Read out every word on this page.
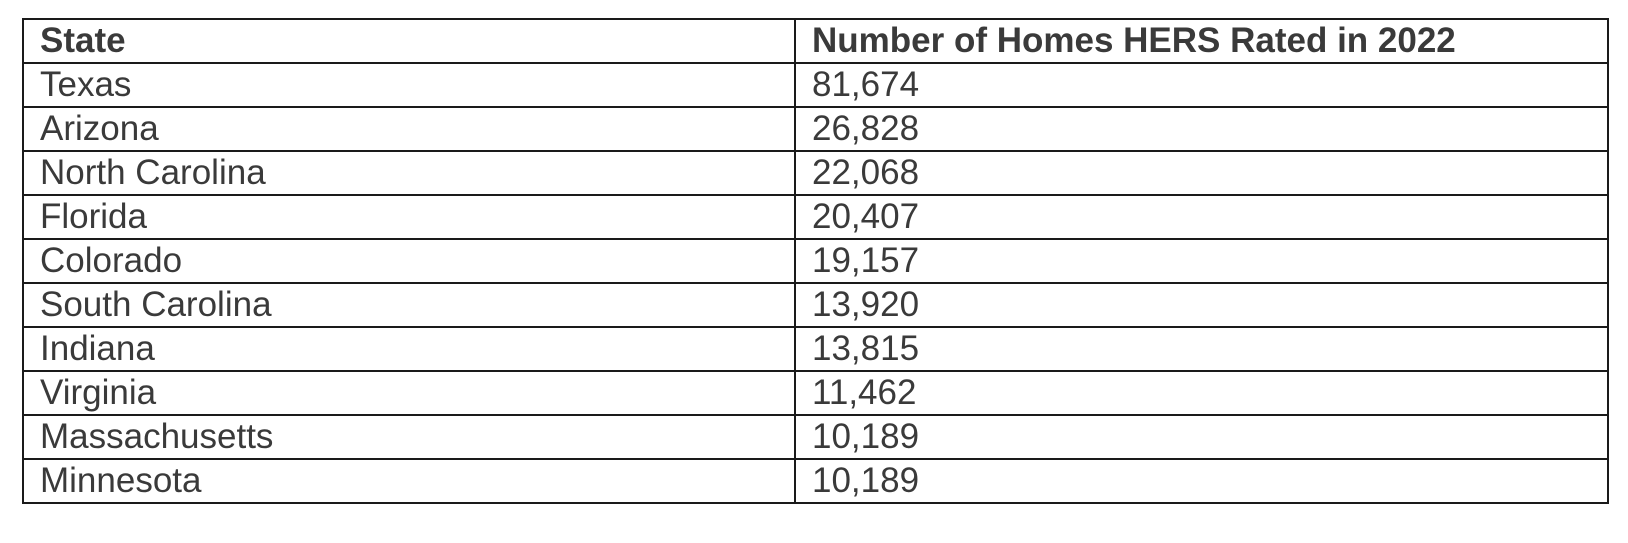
State	Number of Homes HERS Rated in 2022
Texas	81,674
Arizona	26,828
North Carolina	22,068
Florida	20,407
Colorado	19,157
South Carolina	13,920
Indiana	13,815
Virginia	11,462
Massachusetts	10,189
Minnesota	10,189
